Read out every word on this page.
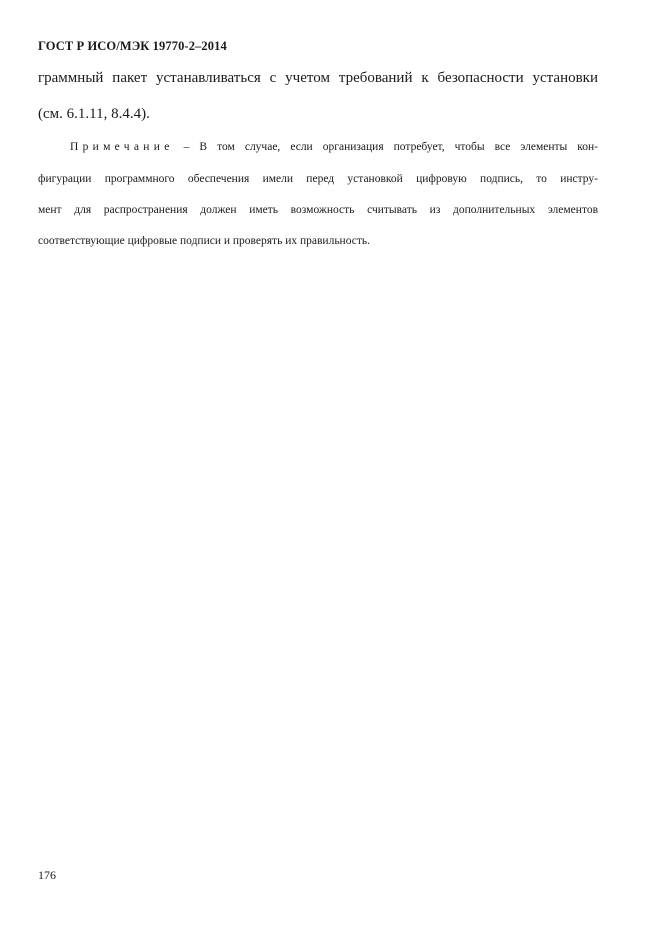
ГОСТ Р ИСО/МЭК 19770-2–2014
граммный пакет устанавливаться с учетом требований к безопасности установки
(см. 6.1.11, 8.4.4).
Примечание – В том случае, если организация потребует, чтобы все элементы кон-
фигурации программного обеспечения имели перед установкой цифровую подпись, то инстру-
мент для распространения должен иметь возможность считывать из дополнительных элементов
соответствующие цифровые подписи и проверять их правильность.
176
